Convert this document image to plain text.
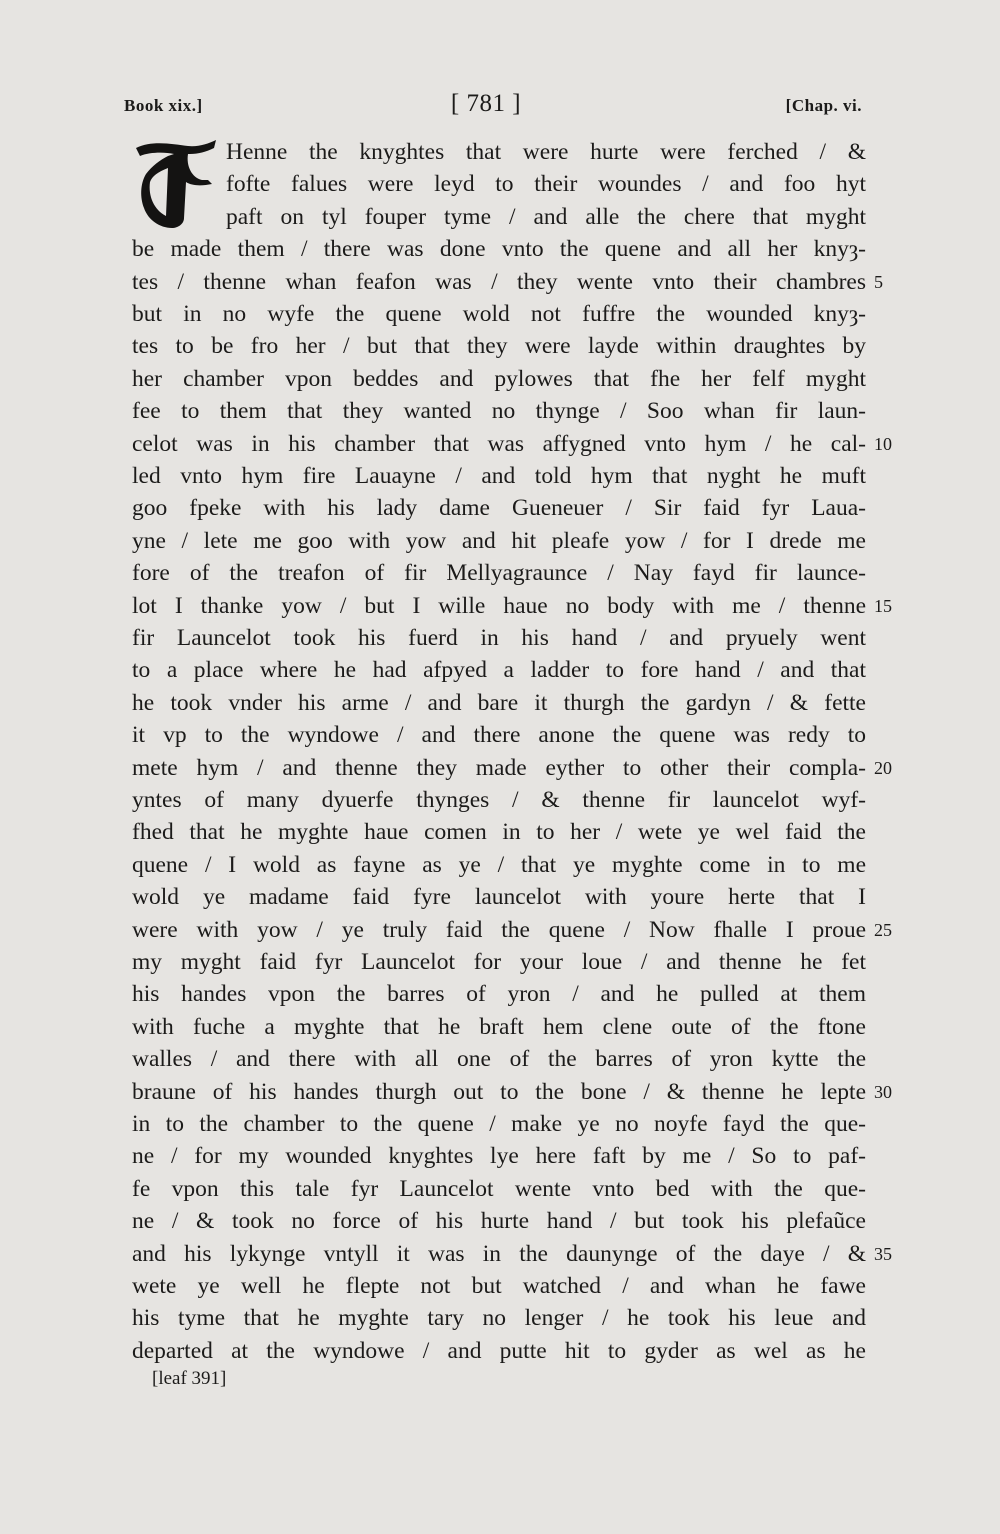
Book xix.]	[ 781 ]	[Chap. vi.
Henne the knyghtes that were hurte were ferched / &
fofte falues were leyd to their woundes / and foo hyt
paft on tyl fouper tyme / and alle the chere that myght
be made them / there was done vnto the quene and all her knyȝ-
tes / thenne whan feafon was / they wente vnto their chambres
but in no wyfe the quene wold not fuffre the wounded knyȝ-
tes to be fro her / but that they were layde within draughtes by
her chamber vpon beddes and pylowes that fhe her felf myght
fee to them that they wanted no thynge / Soo whan fir laun-
celot was in his chamber that was affygned vnto hym / he cal-
led vnto hym fire Lauayne / and told hym that nyght he muft
goo fpeke with his lady dame Gueneuer / Sir faid fyr Laua-
yne / lete me goo with yow and hit pleafe yow / for I drede me
fore of the treafon of fir Mellyagraunce / Nay fayd fir launce-
lot I thanke yow / but I wille haue no body with me / thenne
fir Launcelot took his fuerd in his hand / and pryuely went
to a place where he had afpyed a ladder to fore hand / and that
he took vnder his arme / and bare it thurgh the gardyn / & fette
it vp to the wyndowe / and there anone the quene was redy to
mete hym / and thenne they made eyther to other their compla-
yntes of many dyuerfe thynges / & thenne fir launcelot wyf-
fhed that he myghte haue comen in to her / wete ye wel faid the
quene / I wold as fayne as ye / that ye myghte come in to me
wold ye madame faid fyre launcelot with youre herte that I
were with yow / ye truly faid the quene / Now fhalle I proue
my myght faid fyr Launcelot for your loue / and thenne he fet
his handes vpon the barres of yron / and he pulled at them
with fuche a myghte that he braft hem clene oute of the ftone
walles / and there with all one of the barres of yron kytte the
braune of his handes thurgh out to the bone / & thenne he lepte
in to the chamber to the quene / make ye no noyfe fayd the que-
ne / for my wounded knyghtes lye here faft by me / So to paf-
fe vpon this tale fyr Launcelot wente vnto bed with the que-
ne / & took no force of his hurte hand / but took his plefaũce
and his lykynge vntyll it was in the daunynge of the daye / &
wete ye well he flepte not but watched / and whan he fawe
his tyme that he myghte tary no lenger / he took his leue and
departed at the wyndowe / and putte hit to gyder as wel as he
5
10
15
20
25
30
35
[leaf 391]
